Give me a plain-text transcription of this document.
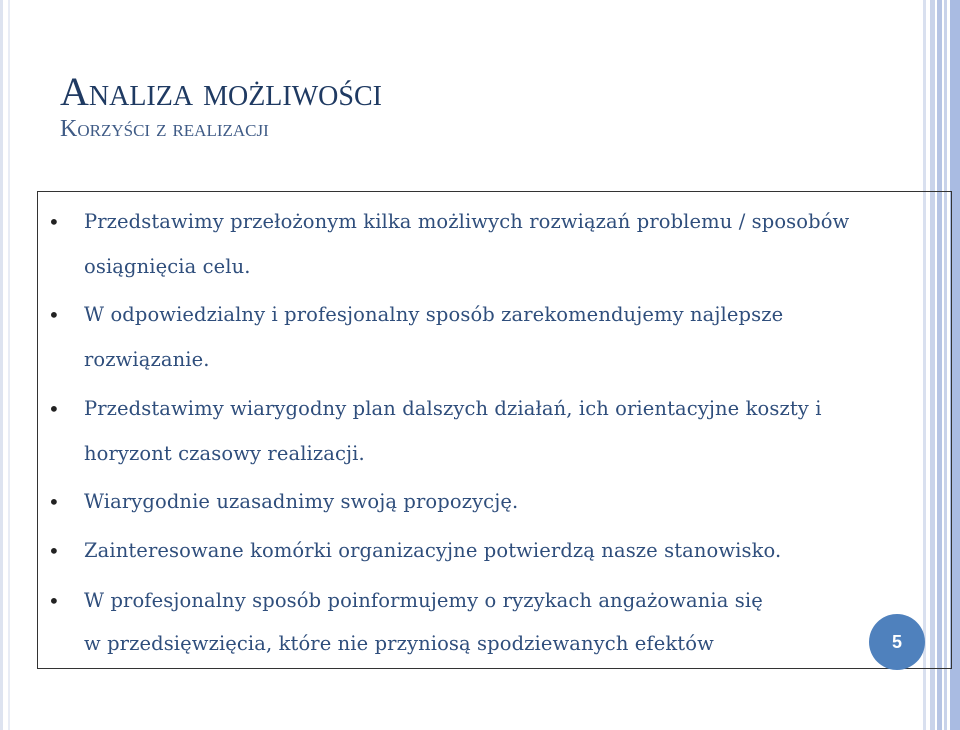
Analiza możliwości
Korzyści z realizacji
• Przedstawimy przełożonym kilka możliwych rozwiązań problemu / sposobów
osiągnięcia celu.
• W odpowiedzialny i profesjonalny sposób zarekomendujemy najlepsze
rozwiązanie.
• Przedstawimy wiarygodny plan dalszych działań, ich orientacyjne koszty i
horyzont czasowy realizacji.
• Wiarygodnie uzasadnimy swoją propozycję.
• Zainteresowane komórki organizacyjne potwierdzą nasze stanowisko.
• W profesjonalny sposób poinformujemy o ryzykach angażowania się
w przedsięwzięcia, które nie przyniosą spodziewanych efektów	5
